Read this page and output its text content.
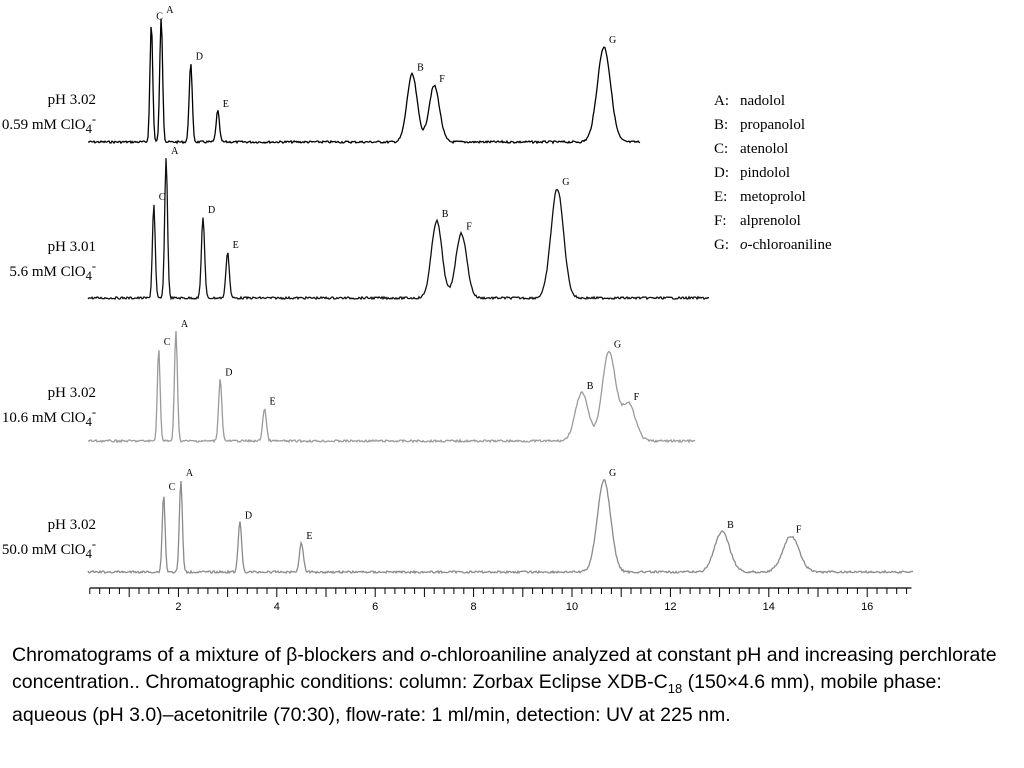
2	4	6	8	10	12	14	16
C
A
D
E
B
F
G
C
A
D
E
B
F
G
C
A
D
E
B
G
F
C
A
D
E
G
B	F
pH 3.02
0.59 mM ClO$_4$-
pH 3.01
5.6 mM ClO$_4$-
pH 3.02
10.6 mM ClO$_4$-
pH 3.02
50.0 mM ClO$_4$-
A: nadolol
B: propanolol
C: atenolol
D: pindolol
E: metoprolol
F: alprenolol
G: o-chloroaniline
Chromatograms of a mixture of β-blockers and o-chloroaniline analyzed at constant pH and increasing perchlorate concentration.. Chromatographic conditions: column: Zorbax Eclipse XDB-$C_{18}$ (150×4.6 mm), mobile phase: aqueous (pH 3.0)–acetonitrile (70:30), flow-rate: 1 ml/min, detection: UV at 225 nm.
